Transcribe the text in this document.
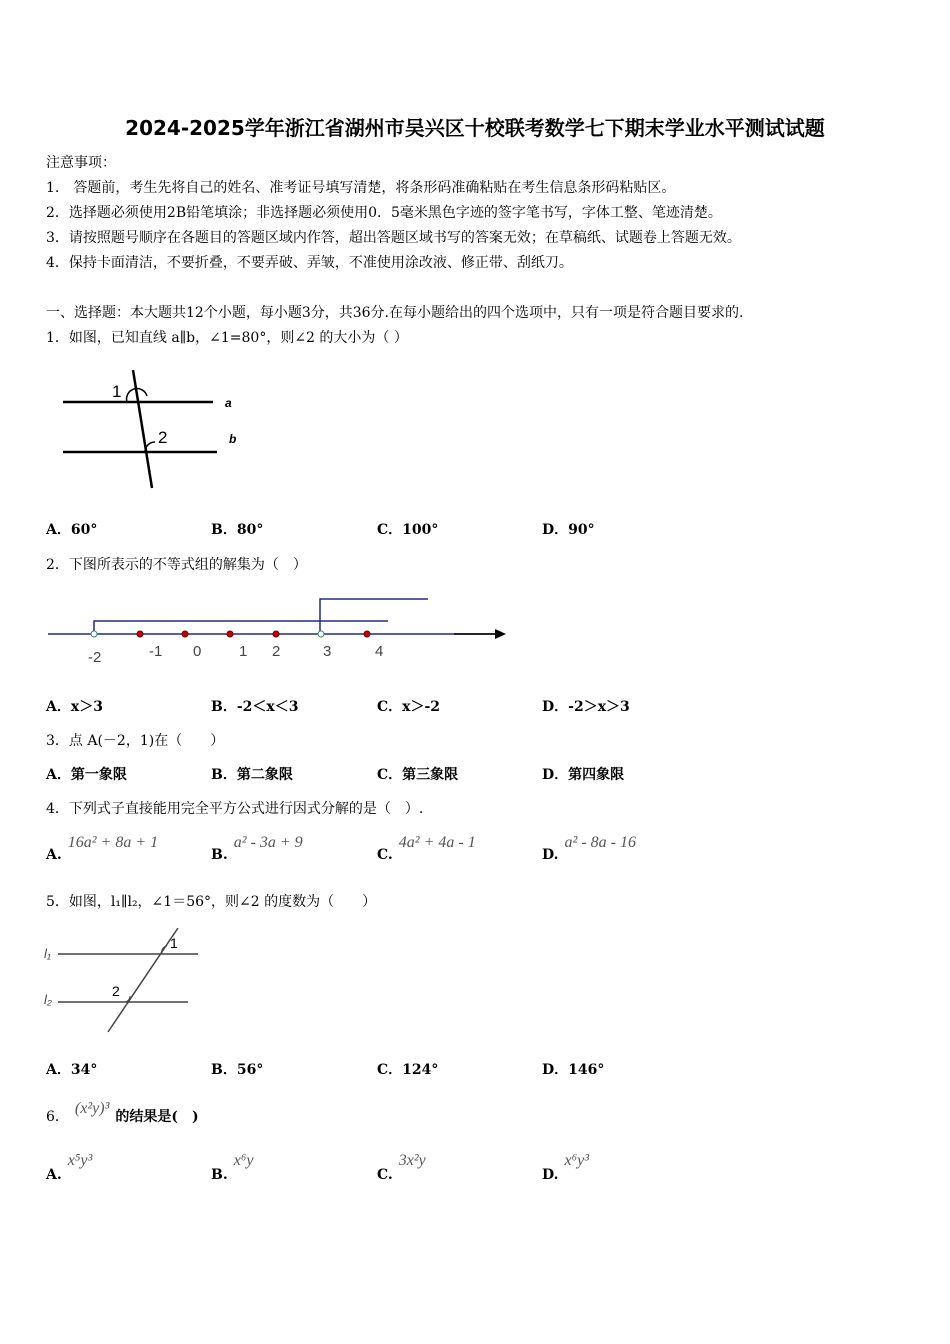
2024-2025学年浙江省湖州市吴兴区十校联考数学七下期末学业水平测试试题
注意事项：
1.　答题前，考生先将自己的姓名、准考证号填写清楚，将条形码准确粘贴在考生信息条形码粘贴区。
2．选择题必须使用2B铅笔填涂；非选择题必须使用0．5毫米黑色字迹的签字笔书写，字体工整、笔迹清楚。
3．请按照题号顺序在各题目的答题区域内作答，超出答题区域书写的答案无效；在草稿纸、试题卷上答题无效。
4．保持卡面清洁，不要折叠，不要弄破、弄皱，不准使用涂改液、修正带、刮纸刀。
一、选择题：本大题共12个小题，每小题3分，共36分.在每小题给出的四个选项中，只有一项是符合题目要求的.
1．如图，已知直线 a∥b，∠1=80°，则∠2 的大小为（ ）
1
2
a
b
A．60°	B．80°	C．100°	D．90°
2．下图所表示的不等式组的解集为（　）
-2	-1 0	1 2	3	4
A．x＞3	B．-2＜x＜3	C．x＞-2	D．-2＞x＞3
3．点 A(－2，1)在（　　）
A．第一象限	B．第二象限	C．第三象限	D．第四象限
4．下列式子直接能用完全平方公式进行因式分解的是（　）.
A.16a² + 8a + 1
B.a² - 3a + 9
C.4a² + 4a - 1
D.a² - 8a - 16
5．如图，l₁∥l₂，∠1＝56°，则∠2 的度数为（　　）
1
2
l₁
l₂
A．34°	B．56°	C．124°	D．146°
6． (x²y)³ 的结果是(　)
A.x⁵y³
B.x⁶y
C.3x²y
D.x⁶y³
